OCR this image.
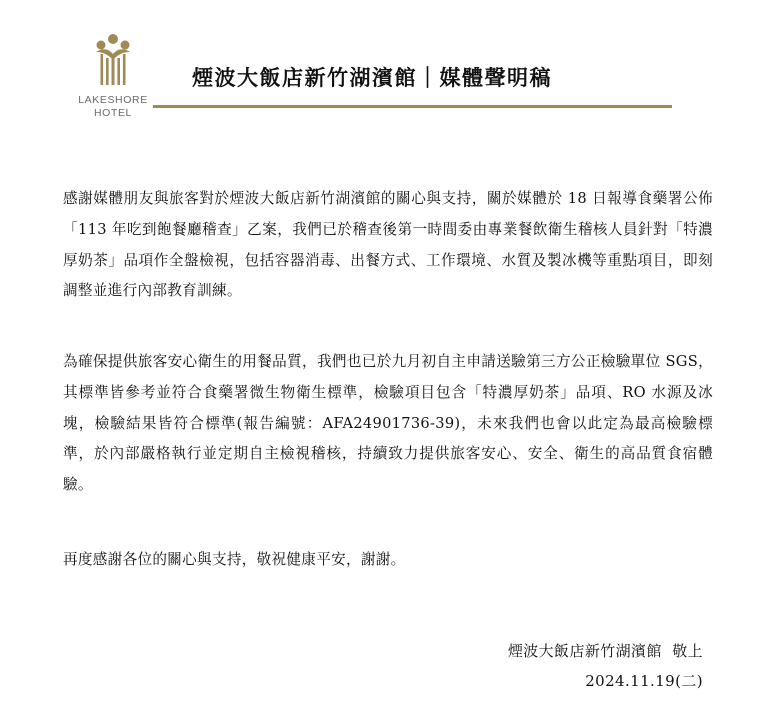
LAKESHORE
HOTEL
煙波大飯店新竹湖濱館｜媒體聲明稿
感謝媒體朋友與旅客對於煙波大飯店新竹湖濱館的關心與支持，關於媒體於 18 日報導食藥署公佈「113 年吃到飽餐廳稽查」乙案，我們已於稽查後第一時間委由專業餐飲衛生稽核人員針對「特濃厚奶茶」品項作全盤檢視，包括容器消毒、出餐方式、工作環境、水質及製冰機等重點項目，即刻調整並進行內部教育訓練。
為確保提供旅客安心衛生的用餐品質，我們也已於九月初自主申請送驗第三方公正檢驗單位 SGS，其標準皆參考並符合食藥署微生物衛生標準，檢驗項目包含「特濃厚奶茶」品項、RO 水源及冰塊，檢驗結果皆符合標準(報告編號：AFA24901736-39)，未來我們也會以此定為最高檢驗標準，於內部嚴格執行並定期自主檢視稽核，持續致力提供旅客安心、安全、衛生的高品質食宿體驗。
再度感謝各位的關心與支持，敬祝健康平安，謝謝。
煙波大飯店新竹湖濱館  敬上
2024.11.19(二)
